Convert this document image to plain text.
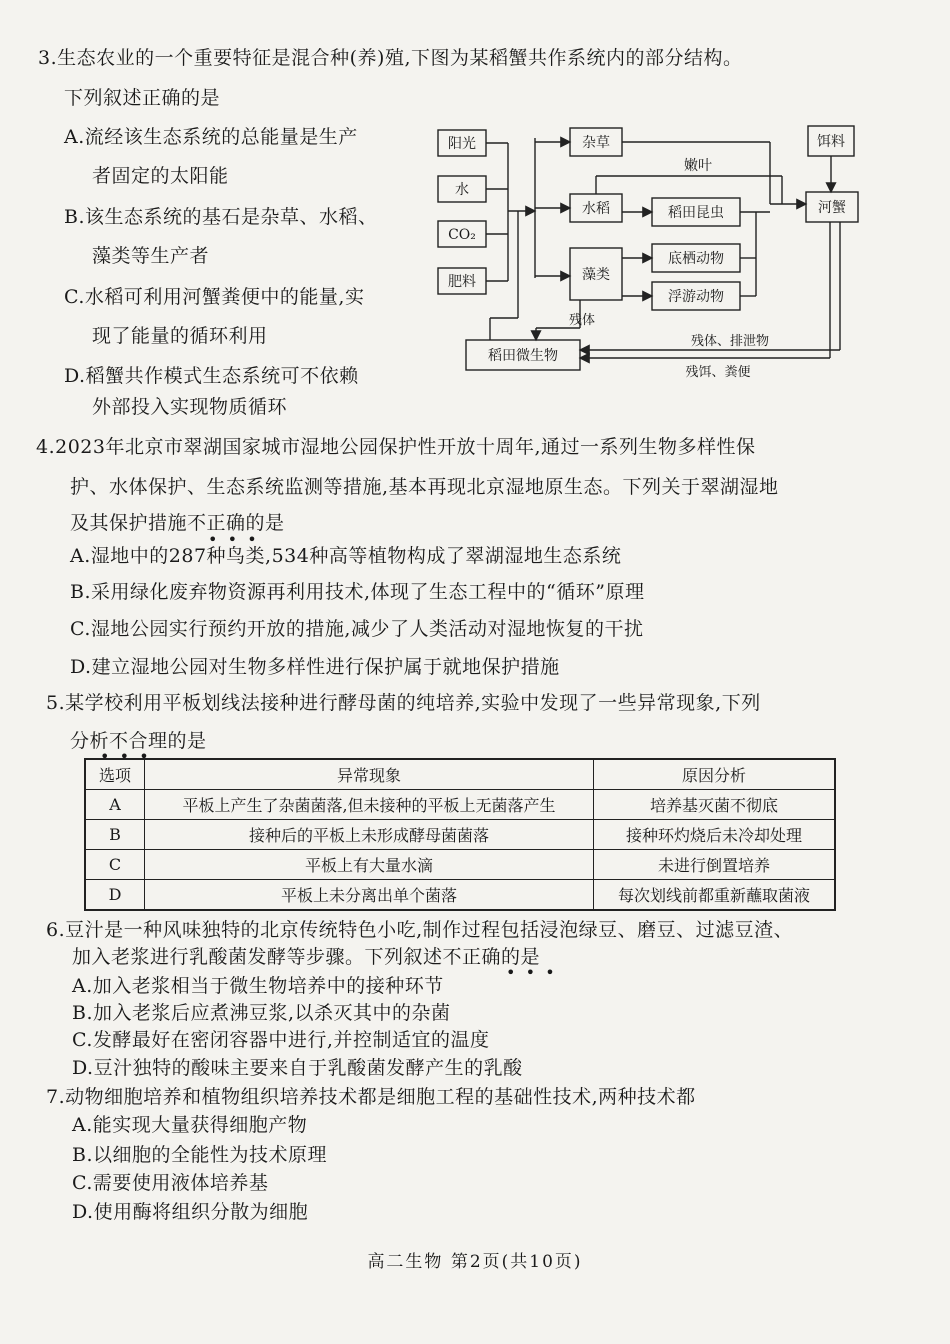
3.生态农业的一个重要特征是混合种(养)殖,下图为某稻蟹共作系统内的部分结构。
下列叙述正确的是
A.流经该生态系统的总能量是生产
者固定的太阳能
B.该生态系统的基石是杂草、水稻、
藻类等生产者
C.水稻可利用河蟹粪便中的能量,实
现了能量的循环利用
D.稻蟹共作模式生态系统可不依赖
外部投入实现物质循环
阳光
水
CO₂
肥料
杂草
水稻
藻类
稻田昆虫
底栖动物
浮游动物
饵料
河蟹
稻田微生物
嫩叶
残体
残体、排泄物
残饵、粪便
4.2023年北京市翠湖国家城市湿地公园保护性开放十周年,通过一系列生物多样性保
护、水体保护、生态系统监测等措施,基本再现北京湿地原生态。下列关于翠湖湿地
及其保护措施不正确的是
•  •  •
A.湿地中的287种鸟类,534种高等植物构成了翠湖湿地生态系统
B.采用绿化废弃物资源再利用技术,体现了生态工程中的“循环”原理
C.湿地公园实行预约开放的措施,减少了人类活动对湿地恢复的干扰
D.建立湿地公园对生物多样性进行保护属于就地保护措施
5.某学校利用平板划线法接种进行酵母菌的纯培养,实验中发现了一些异常现象,下列
分析不合理的是
•  •  •
选项	异常现象	原因分析
A	平板上产生了杂菌菌落,但未接种的平板上无菌落产生	培养基灭菌不彻底
B	接种后的平板上未形成酵母菌菌落	接种环灼烧后未冷却处理
C	平板上有大量水滴	未进行倒置培养
D	平板上未分离出单个菌落	每次划线前都重新蘸取菌液
6.豆汁是一种风味独特的北京传统特色小吃,制作过程包括浸泡绿豆、磨豆、过滤豆渣、
加入老浆进行乳酸菌发酵等步骤。下列叙述不正确的是
•  •  •
A.加入老浆相当于微生物培养中的接种环节
B.加入老浆后应煮沸豆浆,以杀灭其中的杂菌
C.发酵最好在密闭容器中进行,并控制适宜的温度
D.豆汁独特的酸味主要来自于乳酸菌发酵产生的乳酸
7.动物细胞培养和植物组织培养技术都是细胞工程的基础性技术,两种技术都
A.能实现大量获得细胞产物
B.以细胞的全能性为技术原理
C.需要使用液体培养基
D.使用酶将组织分散为细胞
高二生物 第2页(共10页)
